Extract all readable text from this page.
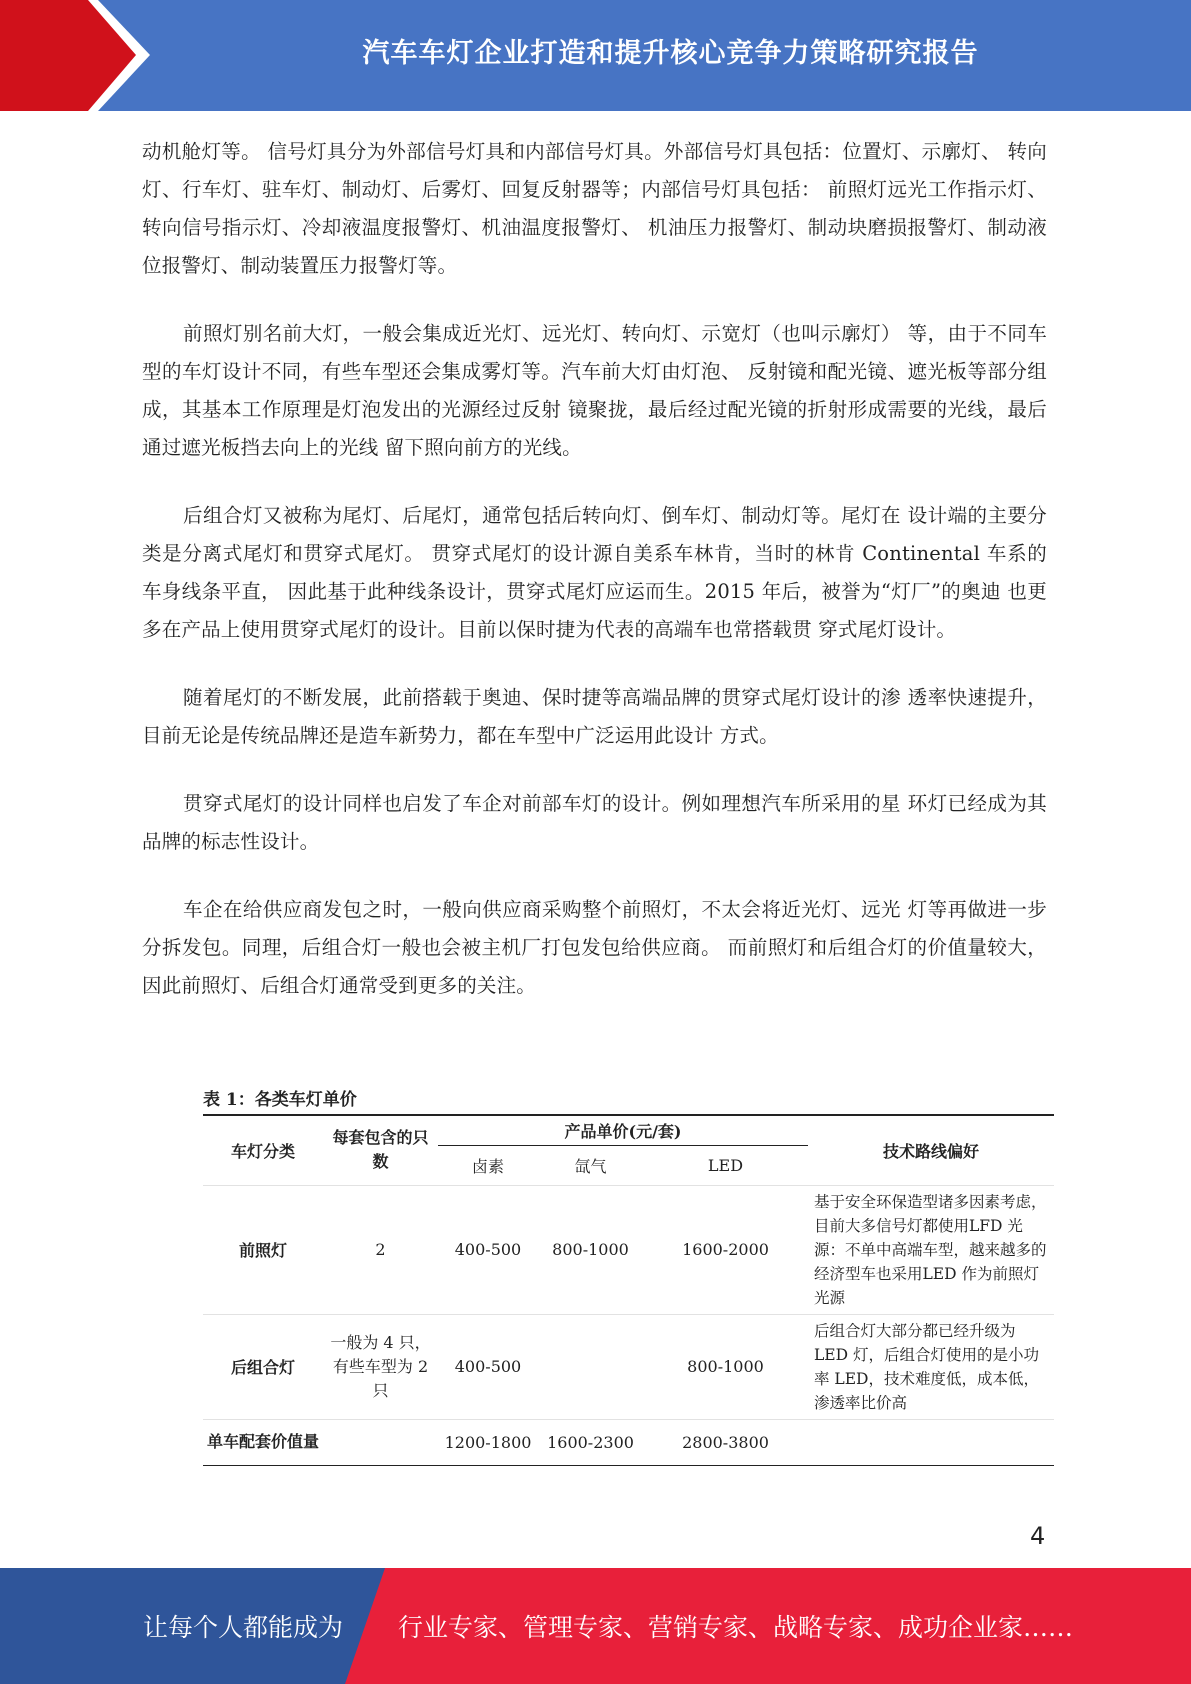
汽车车灯企业打造和提升核心竞争力策略研究报告

动机舱灯等。 信号灯具分为外部信号灯具和内部信号灯具。外部信号灯具包括：位置灯、示廓灯、 转向灯、行车灯、驻车灯、制动灯、后雾灯、回复反射器等；内部信号灯具包括： 前照灯远光工作指示灯、转向信号指示灯、冷却液温度报警灯、机油温度报警灯、 机油压力报警灯、制动块磨损报警灯、制动液位报警灯、制动装置压力报警灯等。

前照灯别名前大灯，一般会集成近光灯、远光灯、转向灯、示宽灯（也叫示廓灯） 等，由于不同车型的车灯设计不同，有些车型还会集成雾灯等。汽车前大灯由灯泡、 反射镜和配光镜、遮光板等部分组成，其基本工作原理是灯泡发出的光源经过反射 镜聚拢，最后经过配光镜的折射形成需要的光线，最后通过遮光板挡去向上的光线 留下照向前方的光线。

后组合灯又被称为尾灯、后尾灯，通常包括后转向灯、倒车灯、制动灯等。尾灯在 设计端的主要分类是分离式尾灯和贯穿式尾灯。 贯穿式尾灯的设计源自美系车林肯，当时的林肯 Continental 车系的车身线条平直， 因此基于此种线条设计，贯穿式尾灯应运而生。2015 年后，被誉为“灯厂”的奥迪 也更多在产品上使用贯穿式尾灯的设计。目前以保时捷为代表的高端车也常搭载贯 穿式尾灯设计。

随着尾灯的不断发展，此前搭载于奥迪、保时捷等高端品牌的贯穿式尾灯设计的渗 透率快速提升，目前无论是传统品牌还是造车新势力，都在车型中广泛运用此设计 方式。

贯穿式尾灯的设计同样也启发了车企对前部车灯的设计。例如理想汽车所采用的星 环灯已经成为其品牌的标志性设计。

车企在给供应商发包之时，一般向供应商采购整个前照灯，不太会将近光灯、远光 灯等再做进一步分拆发包。同理，后组合灯一般也会被主机厂打包发包给供应商。 而前照灯和后组合灯的价值量较大，因此前照灯、后组合灯通常受到更多的关注。

表 1：各类车灯单价
车灯分类	每套包含的只数	产品单价(元/套)			技术路线偏好
		卤素	氙气	LED	
前照灯	2	400-500	800-1000	1600-2000	基于安全环保造型诸多因素考虑，目前大多信号灯都使用LFD 光源：不单中高端车型，越来越多的经济型车也采用LED 作为前照灯光源
后组合灯	一般为 4 只，有些车型为 2 只	400-500		800-1000	后组合灯大部分都已经升级为 LED 灯，后组合灯使用的是小功率 LED，技术难度低，成本低，渗透率比价高
单车配套价值量		1200-1800	1600-2300	2800-3800	
4
让每个人都能成为 行业专家、管理专家、营销专家、战略专家、成功企业家……
